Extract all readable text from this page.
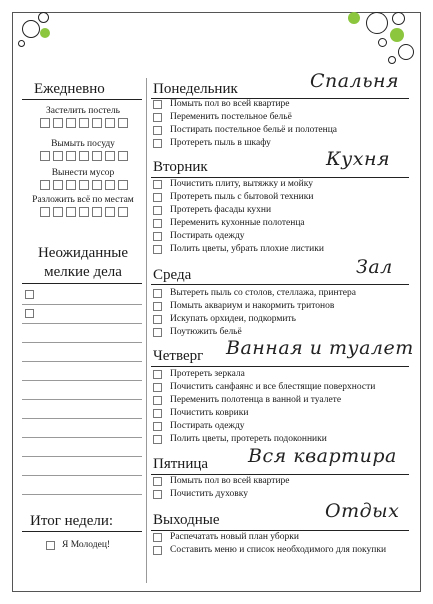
Ежедневно
Застелить постель
Вымыть посуду
Вынести мусор
Разложить всё по местам
Неожиданные
мелкие дела
Итог недели:
Я Молодец!
Понедельник	Спальня
Помыть пол во всей квартире
Переменить постельное бельё
Постирать постельное бельё и полотенца
Протереть пыль в шкафу
Вторник	Кухня
Почистить плиту, вытяжку и мойку
Протереть пыль с бытовой техники
Протереть фасады кухни
Переменить кухонные полотенца
Постирать одежду
Полить цветы, убрать плохие листики
Среда	Зал
Вытереть пыль со столов, стеллажа, принтера
Помыть аквариум и накормить тритонов
Искупать орхидеи, подкормить
Поутюжить бельё
Четверг Ванная и туалет
Протереть зеркала
Почистить санфаянс и все блестящие поверхности
Переменить полотенца в ванной и туалете
Почистить коврики
Постирать одежду
Полить цветы, протереть подоконники
Пятница Вся квартира
Помыть пол во всей квартире
Почистить духовку
Выходные	Отдых
Распечатать новый план уборки
Составить меню и список необходимого для покупки
